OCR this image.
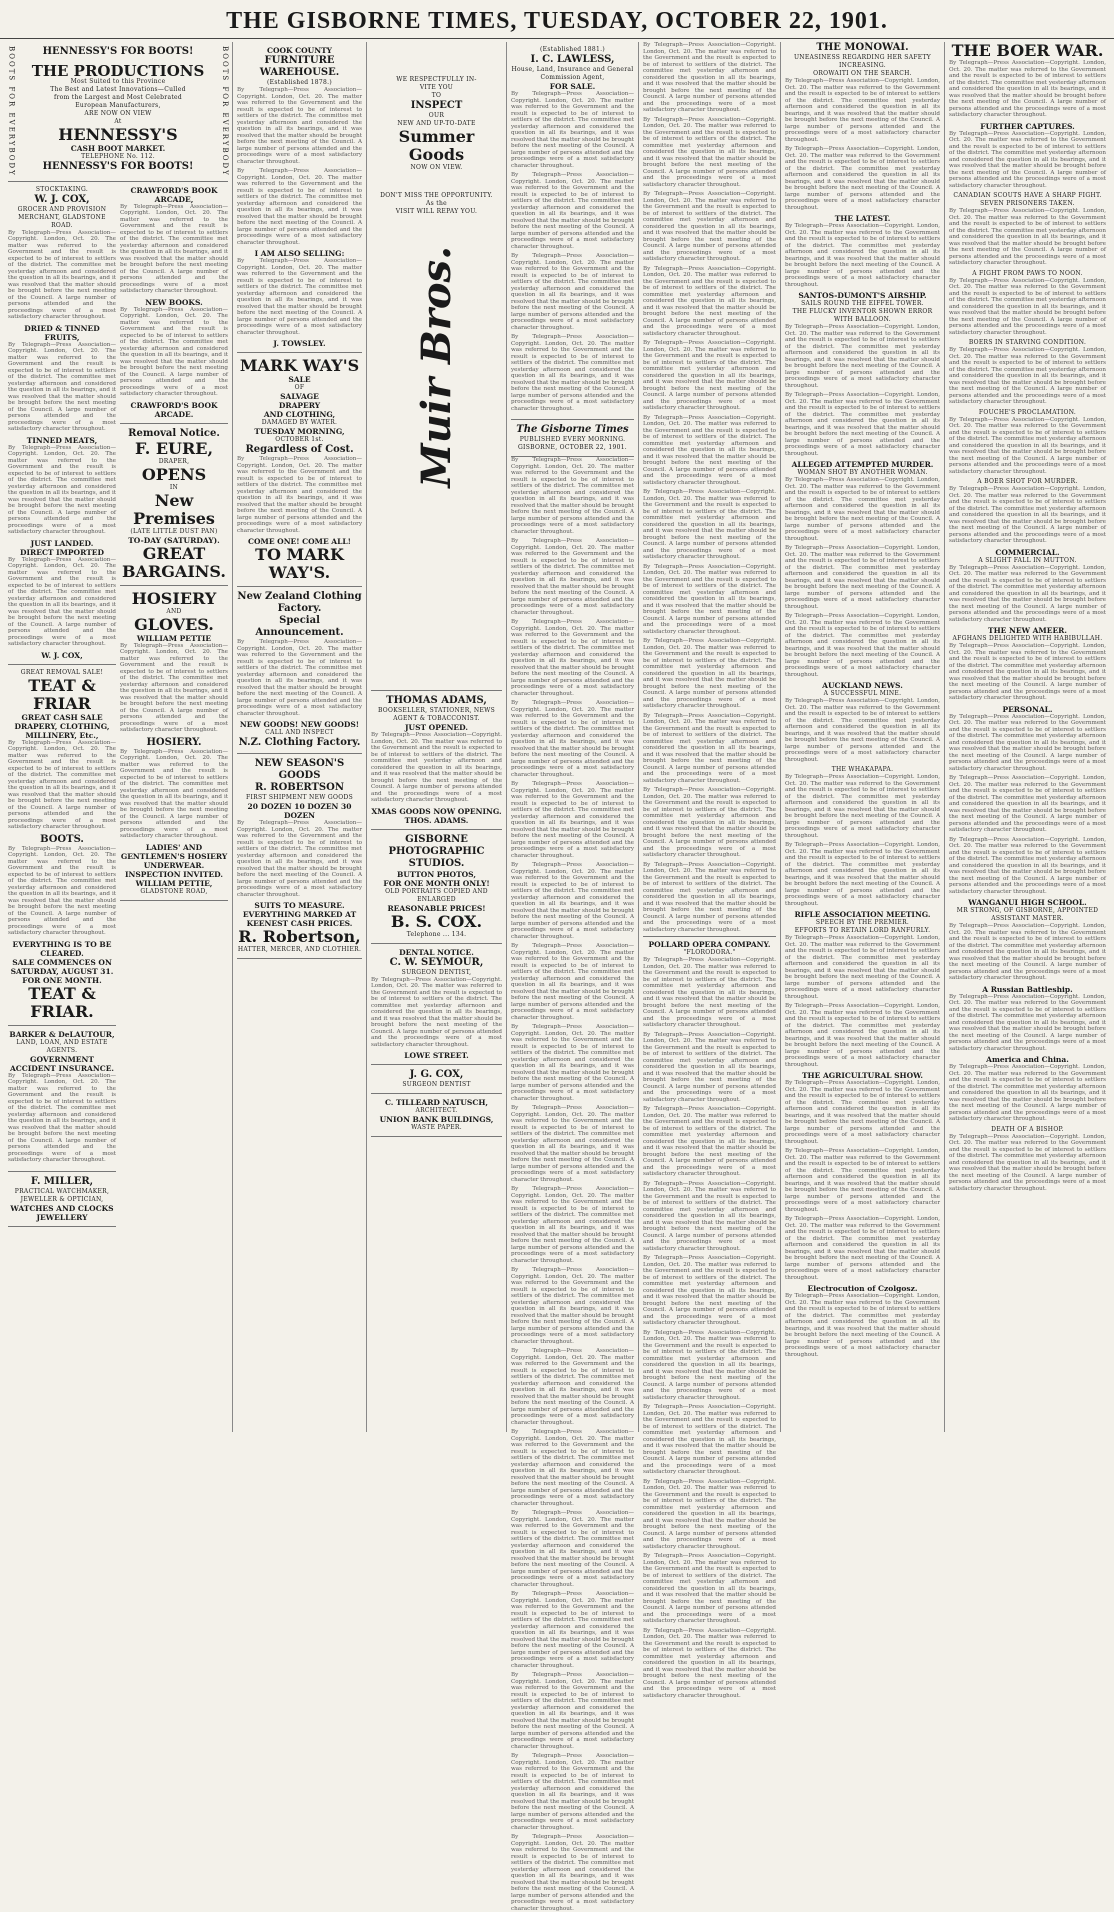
THE GISBORNE TIMES, TUESDAY, OCTOBER 22, 1901.
BOOTS FOR EVERYBODY	HENNESSY'S FOR BOOTS!
THE PRODUCTIONS
Most Suited to this Province
The Best and Latest Innovations—Culled
from the Largest and Most Celebrated
European Manufacturers,
ARE NOW ON VIEW
At
HENNESSY'S
CASH BOOT MARKET.
TELEPHONE No. 112.
HENNESSY'S FOR BOOTS!	BOOTS FOR EVERYBODY
STOCKTAKING.
W. J. COX,
GROCER AND PROVISION MERCHANT, GLADSTONE ROAD.

By Telegraph—Press Association—Copyright. London, Oct. 20. The matter was referred to the Government and the result is expected to be of interest to settlers of the district. The committee met yesterday afternoon and considered the question in all its bearings, and it was resolved that the matter should be brought before the next meeting of the Council. A large number of persons attended and the proceedings were of a most satisfactory character throughout.

DRIED & TINNED FRUITS,

By Telegraph—Press Association—Copyright. London, Oct. 20. The matter was referred to the Government and the result is expected to be of interest to settlers of the district. The committee met yesterday afternoon and considered the question in all its bearings, and it was resolved that the matter should be brought before the next meeting of the Council. A large number of persons attended and the proceedings were of a most satisfactory character throughout.

TINNED MEATS,

By Telegraph—Press Association—Copyright. London, Oct. 20. The matter was referred to the Government and the result is expected to be of interest to settlers of the district. The committee met yesterday afternoon and considered the question in all its bearings, and it was resolved that the matter should be brought before the next meeting of the Council. A large number of persons attended and the proceedings were of a most satisfactory character throughout.

JUST LANDED.
DIRECT IMPORTED

By Telegraph—Press Association—Copyright. London, Oct. 20. The matter was referred to the Government and the result is expected to be of interest to settlers of the district. The committee met yesterday afternoon and considered the question in all its bearings, and it was resolved that the matter should be brought before the next meeting of the Council. A large number of persons attended and the proceedings were of a most satisfactory character throughout.

W. J. COX,
GREAT REMOVAL SALE!
TEAT & FRIAR
GREAT CASH SALE
DRAPERY, CLOTHING, MILLINERY, Etc.,

By Telegraph—Press Association—Copyright. London, Oct. 20. The matter was referred to the Government and the result is expected to be of interest to settlers of the district. The committee met yesterday afternoon and considered the question in all its bearings, and it was resolved that the matter should be brought before the next meeting of the Council. A large number of persons attended and the proceedings were of a most satisfactory character throughout.

BOOTS.

By Telegraph—Press Association—Copyright. London, Oct. 20. The matter was referred to the Government and the result is expected to be of interest to settlers of the district. The committee met yesterday afternoon and considered the question in all its bearings, and it was resolved that the matter should be brought before the next meeting of the Council. A large number of persons attended and the proceedings were of a most satisfactory character throughout.

EVERYTHING IS TO BE CLEARED.
SALE COMMENCES ON SATURDAY, AUGUST 31.
FOR ONE MONTH.
TEAT & FRIAR.
BARKER & DeLAUTOUR,
LAND, LOAN, AND ESTATE AGENTS.
GOVERNMENT ACCIDENT INSURANCE.

By Telegraph—Press Association—Copyright. London, Oct. 20. The matter was referred to the Government and the result is expected to be of interest to settlers of the district. The committee met yesterday afternoon and considered the question in all its bearings, and it was resolved that the matter should be brought before the next meeting of the Council. A large number of persons attended and the proceedings were of a most satisfactory character throughout.

F. MILLER,
PRACTICAL WATCHMAKER, JEWELLER & OPTICIAN,
WATCHES AND CLOCKS
JEWELLERY
CRAWFORD'S BOOK ARCADE,

By Telegraph—Press Association—Copyright. London, Oct. 20. The matter was referred to the Government and the result is expected to be of interest to settlers of the district. The committee met yesterday afternoon and considered the question in all its bearings, and it was resolved that the matter should be brought before the next meeting of the Council. A large number of persons attended and the proceedings were of a most satisfactory character throughout.

NEW BOOKS.

By Telegraph—Press Association—Copyright. London, Oct. 20. The matter was referred to the Government and the result is expected to be of interest to settlers of the district. The committee met yesterday afternoon and considered the question in all its bearings, and it was resolved that the matter should be brought before the next meeting of the Council. A large number of persons attended and the proceedings were of a most satisfactory character throughout.

CRAWFORD'S BOOK ARCADE.
Removal Notice.
F. EURE,
DRAPER,
OPENS
IN
New Premises
(LATE LITTLE DUST PAN)
TO-DAY (SATURDAY).
GREAT
BARGAINS.
HOSIERY
AND
GLOVES.
WILLIAM PETTIE

By Telegraph—Press Association—Copyright. London, Oct. 20. The matter was referred to the Government and the result is expected to be of interest to settlers of the district. The committee met yesterday afternoon and considered the question in all its bearings, and it was resolved that the matter should be brought before the next meeting of the Council. A large number of persons attended and the proceedings were of a most satisfactory character throughout.

HOSIERY.

By Telegraph—Press Association—Copyright. London, Oct. 20. The matter was referred to the Government and the result is expected to be of interest to settlers of the district. The committee met yesterday afternoon and considered the question in all its bearings, and it was resolved that the matter should be brought before the next meeting of the Council. A large number of persons attended and the proceedings were of a most satisfactory character throughout.

LADIES' AND GENTLEMEN'S HOSIERY UNDERWEAR.
INSPECTION INVITED.
WILLIAM PETTIE,
GLADSTONE ROAD,
COOK COUNTY
FURNITURE
WAREHOUSE.
(Established 1878.)

By Telegraph—Press Association—Copyright. London, Oct. 20. The matter was referred to the Government and the result is expected to be of interest to settlers of the district. The committee met yesterday afternoon and considered the question in all its bearings, and it was resolved that the matter should be brought before the next meeting of the Council. A large number of persons attended and the proceedings were of a most satisfactory character throughout.

By Telegraph—Press Association—Copyright. London, Oct. 20. The matter was referred to the Government and the result is expected to be of interest to settlers of the district. The committee met yesterday afternoon and considered the question in all its bearings, and it was resolved that the matter should be brought before the next meeting of the Council. A large number of persons attended and the proceedings were of a most satisfactory character throughout.

I AM ALSO SELLING:

By Telegraph—Press Association—Copyright. London, Oct. 20. The matter was referred to the Government and the result is expected to be of interest to settlers of the district. The committee met yesterday afternoon and considered the question in all its bearings, and it was resolved that the matter should be brought before the next meeting of the Council. A large number of persons attended and the proceedings were of a most satisfactory character throughout.

J. TOWSLEY.
MARK WAY'S
SALE
OF
SALVAGE
DRAPERY
AND CLOTHING,
DAMAGED BY WATER.
TUESDAY MORNING,
OCTOBER 1st.
Regardless of Cost.

By Telegraph—Press Association—Copyright. London, Oct. 20. The matter was referred to the Government and the result is expected to be of interest to settlers of the district. The committee met yesterday afternoon and considered the question in all its bearings, and it was resolved that the matter should be brought before the next meeting of the Council. A large number of persons attended and the proceedings were of a most satisfactory character throughout.

COME ONE! COME ALL!
TO MARK WAY'S.
New Zealand Clothing Factory.
Special Announcement.

By Telegraph—Press Association—Copyright. London, Oct. 20. The matter was referred to the Government and the result is expected to be of interest to settlers of the district. The committee met yesterday afternoon and considered the question in all its bearings, and it was resolved that the matter should be brought before the next meeting of the Council. A large number of persons attended and the proceedings were of a most satisfactory character throughout.

NEW GOODS! NEW GOODS!
CALL AND INSPECT
N.Z. Clothing Factory.
NEW SEASON'S GOODS
R. ROBERTSON
FIRST SHIPMENT NEW GOODS
20 DOZEN 10 DOZEN 30 DOZEN

By Telegraph—Press Association—Copyright. London, Oct. 20. The matter was referred to the Government and the result is expected to be of interest to settlers of the district. The committee met yesterday afternoon and considered the question in all its bearings, and it was resolved that the matter should be brought before the next meeting of the Council. A large number of persons attended and the proceedings were of a most satisfactory character throughout.

SUITS TO MEASURE.
EVERYTHING MARKED AT KEENEST CASH PRICES.
R. Robertson,
HATTER, MERCER, AND CLOTHIER.
WE RESPECTFULLY IN-
VITE YOU
TO
INSPECT
OUR
NEW AND UP-TO-DATE
Summer Goods
NOW ON VIEW.
DON'T MISS THE OPPORTUNITY.
As the
VISIT WILL REPAY YOU.
Muir Bros.
THOMAS ADAMS,
BOOKSELLER, STATIONER, NEWS AGENT & TOBACCONIST.
JUST OPENED.

By Telegraph—Press Association—Copyright. London, Oct. 20. The matter was referred to the Government and the result is expected to be of interest to settlers of the district. The committee met yesterday afternoon and considered the question in all its bearings, and it was resolved that the matter should be brought before the next meeting of the Council. A large number of persons attended and the proceedings were of a most satisfactory character throughout.

XMAS GOODS NOW OPENING.
THOS. ADAMS.
GISBORNE PHOTOGRAPHIC STUDIOS.
BUTTON PHOTOS,
FOR ONE MONTH ONLY!
OLD PORTRAITS COPIED AND ENLARGED
REASONABLE PRICES!
B. S. COX.
Telephone ... 134.
DENTAL NOTICE.
C. W. SEYMOUR,
SURGEON DENTIST,

By Telegraph—Press Association—Copyright. London, Oct. 20. The matter was referred to the Government and the result is expected to be of interest to settlers of the district. The committee met yesterday afternoon and considered the question in all its bearings, and it was resolved that the matter should be brought before the next meeting of the Council. A large number of persons attended and the proceedings were of a most satisfactory character throughout.

LOWE STREET.
J. G. COX,
SURGEON DENTIST
C. TILLEARD NATUSCH,
ARCHITECT.
UNION BANK BUILDINGS,
WASTE PAPER.
(Established 1881.)
I. C. LAWLESS,
House, Land, Insurance and General Commission Agent,
FOR SALE.

By Telegraph—Press Association—Copyright. London, Oct. 20. The matter was referred to the Government and the result is expected to be of interest to settlers of the district. The committee met yesterday afternoon and considered the question in all its bearings, and it was resolved that the matter should be brought before the next meeting of the Council. A large number of persons attended and the proceedings were of a most satisfactory character throughout.

By Telegraph—Press Association—Copyright. London, Oct. 20. The matter was referred to the Government and the result is expected to be of interest to settlers of the district. The committee met yesterday afternoon and considered the question in all its bearings, and it was resolved that the matter should be brought before the next meeting of the Council. A large number of persons attended and the proceedings were of a most satisfactory character throughout.

By Telegraph—Press Association—Copyright. London, Oct. 20. The matter was referred to the Government and the result is expected to be of interest to settlers of the district. The committee met yesterday afternoon and considered the question in all its bearings, and it was resolved that the matter should be brought before the next meeting of the Council. A large number of persons attended and the proceedings were of a most satisfactory character throughout.

By Telegraph—Press Association—Copyright. London, Oct. 20. The matter was referred to the Government and the result is expected to be of interest to settlers of the district. The committee met yesterday afternoon and considered the question in all its bearings, and it was resolved that the matter should be brought before the next meeting of the Council. A large number of persons attended and the proceedings were of a most satisfactory character throughout.

The Gisborne Times
PUBLISHED EVERY MORNING.
GISBORNE, OCTOBER 22, 1901.

By Telegraph—Press Association—Copyright. London, Oct. 20. The matter was referred to the Government and the result is expected to be of interest to settlers of the district. The committee met yesterday afternoon and considered the question in all its bearings, and it was resolved that the matter should be brought before the next meeting of the Council. A large number of persons attended and the proceedings were of a most satisfactory character throughout.

By Telegraph—Press Association—Copyright. London, Oct. 20. The matter was referred to the Government and the result is expected to be of interest to settlers of the district. The committee met yesterday afternoon and considered the question in all its bearings, and it was resolved that the matter should be brought before the next meeting of the Council. A large number of persons attended and the proceedings were of a most satisfactory character throughout.

By Telegraph—Press Association—Copyright. London, Oct. 20. The matter was referred to the Government and the result is expected to be of interest to settlers of the district. The committee met yesterday afternoon and considered the question in all its bearings, and it was resolved that the matter should be brought before the next meeting of the Council. A large number of persons attended and the proceedings were of a most satisfactory character throughout.

By Telegraph—Press Association—Copyright. London, Oct. 20. The matter was referred to the Government and the result is expected to be of interest to settlers of the district. The committee met yesterday afternoon and considered the question in all its bearings, and it was resolved that the matter should be brought before the next meeting of the Council. A large number of persons attended and the proceedings were of a most satisfactory character throughout.

By Telegraph—Press Association—Copyright. London, Oct. 20. The matter was referred to the Government and the result is expected to be of interest to settlers of the district. The committee met yesterday afternoon and considered the question in all its bearings, and it was resolved that the matter should be brought before the next meeting of the Council. A large number of persons attended and the proceedings were of a most satisfactory character throughout.

By Telegraph—Press Association—Copyright. London, Oct. 20. The matter was referred to the Government and the result is expected to be of interest to settlers of the district. The committee met yesterday afternoon and considered the question in all its bearings, and it was resolved that the matter should be brought before the next meeting of the Council. A large number of persons attended and the proceedings were of a most satisfactory character throughout.

By Telegraph—Press Association—Copyright. London, Oct. 20. The matter was referred to the Government and the result is expected to be of interest to settlers of the district. The committee met yesterday afternoon and considered the question in all its bearings, and it was resolved that the matter should be brought before the next meeting of the Council. A large number of persons attended and the proceedings were of a most satisfactory character throughout.

By Telegraph—Press Association—Copyright. London, Oct. 20. The matter was referred to the Government and the result is expected to be of interest to settlers of the district. The committee met yesterday afternoon and considered the question in all its bearings, and it was resolved that the matter should be brought before the next meeting of the Council. A large number of persons attended and the proceedings were of a most satisfactory character throughout.

By Telegraph—Press Association—Copyright. London, Oct. 20. The matter was referred to the Government and the result is expected to be of interest to settlers of the district. The committee met yesterday afternoon and considered the question in all its bearings, and it was resolved that the matter should be brought before the next meeting of the Council. A large number of persons attended and the proceedings were of a most satisfactory character throughout.

By Telegraph—Press Association—Copyright. London, Oct. 20. The matter was referred to the Government and the result is expected to be of interest to settlers of the district. The committee met yesterday afternoon and considered the question in all its bearings, and it was resolved that the matter should be brought before the next meeting of the Council. A large number of persons attended and the proceedings were of a most satisfactory character throughout.

By Telegraph—Press Association—Copyright. London, Oct. 20. The matter was referred to the Government and the result is expected to be of interest to settlers of the district. The committee met yesterday afternoon and considered the question in all its bearings, and it was resolved that the matter should be brought before the next meeting of the Council. A large number of persons attended and the proceedings were of a most satisfactory character throughout.

By Telegraph—Press Association—Copyright. London, Oct. 20. The matter was referred to the Government and the result is expected to be of interest to settlers of the district. The committee met yesterday afternoon and considered the question in all its bearings, and it was resolved that the matter should be brought before the next meeting of the Council. A large number of persons attended and the proceedings were of a most satisfactory character throughout.

By Telegraph—Press Association—Copyright. London, Oct. 20. The matter was referred to the Government and the result is expected to be of interest to settlers of the district. The committee met yesterday afternoon and considered the question in all its bearings, and it was resolved that the matter should be brought before the next meeting of the Council. A large number of persons attended and the proceedings were of a most satisfactory character throughout.

By Telegraph—Press Association—Copyright. London, Oct. 20. The matter was referred to the Government and the result is expected to be of interest to settlers of the district. The committee met yesterday afternoon and considered the question in all its bearings, and it was resolved that the matter should be brought before the next meeting of the Council. A large number of persons attended and the proceedings were of a most satisfactory character throughout.

By Telegraph—Press Association—Copyright. London, Oct. 20. The matter was referred to the Government and the result is expected to be of interest to settlers of the district. The committee met yesterday afternoon and considered the question in all its bearings, and it was resolved that the matter should be brought before the next meeting of the Council. A large number of persons attended and the proceedings were of a most satisfactory character throughout.

By Telegraph—Press Association—Copyright. London, Oct. 20. The matter was referred to the Government and the result is expected to be of interest to settlers of the district. The committee met yesterday afternoon and considered the question in all its bearings, and it was resolved that the matter should be brought before the next meeting of the Council. A large number of persons attended and the proceedings were of a most satisfactory character throughout.

By Telegraph—Press Association—Copyright. London, Oct. 20. The matter was referred to the Government and the result is expected to be of interest to settlers of the district. The committee met yesterday afternoon and considered the question in all its bearings, and it was resolved that the matter should be brought before the next meeting of the Council. A large number of persons attended and the proceedings were of a most satisfactory character throughout.

By Telegraph—Press Association—Copyright. London, Oct. 20. The matter was referred to the Government and the result is expected to be of interest to settlers of the district. The committee met yesterday afternoon and considered the question in all its bearings, and it was resolved that the matter should be brought before the next meeting of the Council. A large number of persons attended and the proceedings were of a most satisfactory character throughout.

By Telegraph—Press Association—Copyright. London, Oct. 20. The matter was referred to the Government and the result is expected to be of interest to settlers of the district. The committee met yesterday afternoon and considered the question in all its bearings, and it was resolved that the matter should be brought before the next meeting of the Council. A large number of persons attended and the proceedings were of a most satisfactory character throughout.

By Telegraph—Press Association—Copyright. London, Oct. 20. The matter was referred to the Government and the result is expected to be of interest to settlers of the district. The committee met yesterday afternoon and considered the question in all its bearings, and it was resolved that the matter should be brought before the next meeting of the Council. A large number of persons attended and the proceedings were of a most satisfactory character throughout.

By Telegraph—Press Association—Copyright. London, Oct. 20. The matter was referred to the Government and the result is expected to be of interest to settlers of the district. The committee met yesterday afternoon and considered the question in all its bearings, and it was resolved that the matter should be brought before the next meeting of the Council. A large number of persons attended and the proceedings were of a most satisfactory character throughout.

By Telegraph—Press Association—Copyright. London, Oct. 20. The matter was referred to the Government and the result is expected to be of interest to settlers of the district. The committee met yesterday afternoon and considered the question in all its bearings, and it was resolved that the matter should be brought before the next meeting of the Council. A large number of persons attended and the proceedings were of a most satisfactory character throughout.

By Telegraph—Press Association—Copyright. London, Oct. 20. The matter was referred to the Government and the result is expected to be of interest to settlers of the district. The committee met yesterday afternoon and considered the question in all its bearings, and it was resolved that the matter should be brought before the next meeting of the Council. A large number of persons attended and the proceedings were of a most satisfactory character throughout.

By Telegraph—Press Association—Copyright. London, Oct. 20. The matter was referred to the Government and the result is expected to be of interest to settlers of the district. The committee met yesterday afternoon and considered the question in all its bearings, and it was resolved that the matter should be brought before the next meeting of the Council. A large number of persons attended and the proceedings were of a most satisfactory character throughout.

By Telegraph—Press Association—Copyright. London, Oct. 20. The matter was referred to the Government and the result is expected to be of interest to settlers of the district. The committee met yesterday afternoon and considered the question in all its bearings, and it was resolved that the matter should be brought before the next meeting of the Council. A large number of persons attended and the proceedings were of a most satisfactory character throughout.

By Telegraph—Press Association—Copyright. London, Oct. 20. The matter was referred to the Government and the result is expected to be of interest to settlers of the district. The committee met yesterday afternoon and considered the question in all its bearings, and it was resolved that the matter should be brought before the next meeting of the Council. A large number of persons attended and the proceedings were of a most satisfactory character throughout.

By Telegraph—Press Association—Copyright. London, Oct. 20. The matter was referred to the Government and the result is expected to be of interest to settlers of the district. The committee met yesterday afternoon and considered the question in all its bearings, and it was resolved that the matter should be brought before the next meeting of the Council. A large number of persons attended and the proceedings were of a most satisfactory character throughout.

By Telegraph—Press Association—Copyright. London, Oct. 20. The matter was referred to the Government and the result is expected to be of interest to settlers of the district. The committee met yesterday afternoon and considered the question in all its bearings, and it was resolved that the matter should be brought before the next meeting of the Council. A large number of persons attended and the proceedings were of a most satisfactory character throughout.

By Telegraph—Press Association—Copyright. London, Oct. 20. The matter was referred to the Government and the result is expected to be of interest to settlers of the district. The committee met yesterday afternoon and considered the question in all its bearings, and it was resolved that the matter should be brought before the next meeting of the Council. A large number of persons attended and the proceedings were of a most satisfactory character throughout.

By Telegraph—Press Association—Copyright. London, Oct. 20. The matter was referred to the Government and the result is expected to be of interest to settlers of the district. The committee met yesterday afternoon and considered the question in all its bearings, and it was resolved that the matter should be brought before the next meeting of the Council. A large number of persons attended and the proceedings were of a most satisfactory character throughout.

POLLARD OPERA COMPANY.
"FLORODORA."

By Telegraph—Press Association—Copyright. London, Oct. 20. The matter was referred to the Government and the result is expected to be of interest to settlers of the district. The committee met yesterday afternoon and considered the question in all its bearings, and it was resolved that the matter should be brought before the next meeting of the Council. A large number of persons attended and the proceedings were of a most satisfactory character throughout.

By Telegraph—Press Association—Copyright. London, Oct. 20. The matter was referred to the Government and the result is expected to be of interest to settlers of the district. The committee met yesterday afternoon and considered the question in all its bearings, and it was resolved that the matter should be brought before the next meeting of the Council. A large number of persons attended and the proceedings were of a most satisfactory character throughout.

By Telegraph—Press Association—Copyright. London, Oct. 20. The matter was referred to the Government and the result is expected to be of interest to settlers of the district. The committee met yesterday afternoon and considered the question in all its bearings, and it was resolved that the matter should be brought before the next meeting of the Council. A large number of persons attended and the proceedings were of a most satisfactory character throughout.

By Telegraph—Press Association—Copyright. London, Oct. 20. The matter was referred to the Government and the result is expected to be of interest to settlers of the district. The committee met yesterday afternoon and considered the question in all its bearings, and it was resolved that the matter should be brought before the next meeting of the Council. A large number of persons attended and the proceedings were of a most satisfactory character throughout.

By Telegraph—Press Association—Copyright. London, Oct. 20. The matter was referred to the Government and the result is expected to be of interest to settlers of the district. The committee met yesterday afternoon and considered the question in all its bearings, and it was resolved that the matter should be brought before the next meeting of the Council. A large number of persons attended and the proceedings were of a most satisfactory character throughout.

By Telegraph—Press Association—Copyright. London, Oct. 20. The matter was referred to the Government and the result is expected to be of interest to settlers of the district. The committee met yesterday afternoon and considered the question in all its bearings, and it was resolved that the matter should be brought before the next meeting of the Council. A large number of persons attended and the proceedings were of a most satisfactory character throughout.

By Telegraph—Press Association—Copyright. London, Oct. 20. The matter was referred to the Government and the result is expected to be of interest to settlers of the district. The committee met yesterday afternoon and considered the question in all its bearings, and it was resolved that the matter should be brought before the next meeting of the Council. A large number of persons attended and the proceedings were of a most satisfactory character throughout.

By Telegraph—Press Association—Copyright. London, Oct. 20. The matter was referred to the Government and the result is expected to be of interest to settlers of the district. The committee met yesterday afternoon and considered the question in all its bearings, and it was resolved that the matter should be brought before the next meeting of the Council. A large number of persons attended and the proceedings were of a most satisfactory character throughout.

By Telegraph—Press Association—Copyright. London, Oct. 20. The matter was referred to the Government and the result is expected to be of interest to settlers of the district. The committee met yesterday afternoon and considered the question in all its bearings, and it was resolved that the matter should be brought before the next meeting of the Council. A large number of persons attended and the proceedings were of a most satisfactory character throughout.

By Telegraph—Press Association—Copyright. London, Oct. 20. The matter was referred to the Government and the result is expected to be of interest to settlers of the district. The committee met yesterday afternoon and considered the question in all its bearings, and it was resolved that the matter should be brought before the next meeting of the Council. A large number of persons attended and the proceedings were of a most satisfactory character throughout.

THE MONOWAI.
UNEASINESS REGARDING HER SAFETY INCREASING.
OROWAITI ON THE SEARCH.

By Telegraph—Press Association—Copyright. London, Oct. 20. The matter was referred to the Government and the result is expected to be of interest to settlers of the district. The committee met yesterday afternoon and considered the question in all its bearings, and it was resolved that the matter should be brought before the next meeting of the Council. A large number of persons attended and the proceedings were of a most satisfactory character throughout.

By Telegraph—Press Association—Copyright. London, Oct. 20. The matter was referred to the Government and the result is expected to be of interest to settlers of the district. The committee met yesterday afternoon and considered the question in all its bearings, and it was resolved that the matter should be brought before the next meeting of the Council. A large number of persons attended and the proceedings were of a most satisfactory character throughout.

THE LATEST.

By Telegraph—Press Association—Copyright. London, Oct. 20. The matter was referred to the Government and the result is expected to be of interest to settlers of the district. The committee met yesterday afternoon and considered the question in all its bearings, and it was resolved that the matter should be brought before the next meeting of the Council. A large number of persons attended and the proceedings were of a most satisfactory character throughout.

SANTOS-DUMONT'S AIRSHIP.
SAILS ROUND THE EIFFEL TOWER.
THE FLUCKY INVENTOR SHOWN ERROR WITH BALLOON.

By Telegraph—Press Association—Copyright. London, Oct. 20. The matter was referred to the Government and the result is expected to be of interest to settlers of the district. The committee met yesterday afternoon and considered the question in all its bearings, and it was resolved that the matter should be brought before the next meeting of the Council. A large number of persons attended and the proceedings were of a most satisfactory character throughout.

By Telegraph—Press Association—Copyright. London, Oct. 20. The matter was referred to the Government and the result is expected to be of interest to settlers of the district. The committee met yesterday afternoon and considered the question in all its bearings, and it was resolved that the matter should be brought before the next meeting of the Council. A large number of persons attended and the proceedings were of a most satisfactory character throughout.

ALLEGED ATTEMPTED MURDER.
WOMAN SHOT BY ANOTHER WOMAN.

By Telegraph—Press Association—Copyright. London, Oct. 20. The matter was referred to the Government and the result is expected to be of interest to settlers of the district. The committee met yesterday afternoon and considered the question in all its bearings, and it was resolved that the matter should be brought before the next meeting of the Council. A large number of persons attended and the proceedings were of a most satisfactory character throughout.

By Telegraph—Press Association—Copyright. London, Oct. 20. The matter was referred to the Government and the result is expected to be of interest to settlers of the district. The committee met yesterday afternoon and considered the question in all its bearings, and it was resolved that the matter should be brought before the next meeting of the Council. A large number of persons attended and the proceedings were of a most satisfactory character throughout.

By Telegraph—Press Association—Copyright. London, Oct. 20. The matter was referred to the Government and the result is expected to be of interest to settlers of the district. The committee met yesterday afternoon and considered the question in all its bearings, and it was resolved that the matter should be brought before the next meeting of the Council. A large number of persons attended and the proceedings were of a most satisfactory character throughout.

AUCKLAND NEWS.
A SUCCESSFUL MINE.

By Telegraph—Press Association—Copyright. London, Oct. 20. The matter was referred to the Government and the result is expected to be of interest to settlers of the district. The committee met yesterday afternoon and considered the question in all its bearings, and it was resolved that the matter should be brought before the next meeting of the Council. A large number of persons attended and the proceedings were of a most satisfactory character throughout.

THE WHAKAPAPA.

By Telegraph—Press Association—Copyright. London, Oct. 20. The matter was referred to the Government and the result is expected to be of interest to settlers of the district. The committee met yesterday afternoon and considered the question in all its bearings, and it was resolved that the matter should be brought before the next meeting of the Council. A large number of persons attended and the proceedings were of a most satisfactory character throughout.

By Telegraph—Press Association—Copyright. London, Oct. 20. The matter was referred to the Government and the result is expected to be of interest to settlers of the district. The committee met yesterday afternoon and considered the question in all its bearings, and it was resolved that the matter should be brought before the next meeting of the Council. A large number of persons attended and the proceedings were of a most satisfactory character throughout.

RIFLE ASSOCIATION MEETING.
SPEECH BY THE PREMIER.
EFFORTS TO RETAIN LORD RANFURLY.

By Telegraph—Press Association—Copyright. London, Oct. 20. The matter was referred to the Government and the result is expected to be of interest to settlers of the district. The committee met yesterday afternoon and considered the question in all its bearings, and it was resolved that the matter should be brought before the next meeting of the Council. A large number of persons attended and the proceedings were of a most satisfactory character throughout.

By Telegraph—Press Association—Copyright. London, Oct. 20. The matter was referred to the Government and the result is expected to be of interest to settlers of the district. The committee met yesterday afternoon and considered the question in all its bearings, and it was resolved that the matter should be brought before the next meeting of the Council. A large number of persons attended and the proceedings were of a most satisfactory character throughout.

THE AGRICULTURAL SHOW.

By Telegraph—Press Association—Copyright. London, Oct. 20. The matter was referred to the Government and the result is expected to be of interest to settlers of the district. The committee met yesterday afternoon and considered the question in all its bearings, and it was resolved that the matter should be brought before the next meeting of the Council. A large number of persons attended and the proceedings were of a most satisfactory character throughout.

By Telegraph—Press Association—Copyright. London, Oct. 20. The matter was referred to the Government and the result is expected to be of interest to settlers of the district. The committee met yesterday afternoon and considered the question in all its bearings, and it was resolved that the matter should be brought before the next meeting of the Council. A large number of persons attended and the proceedings were of a most satisfactory character throughout.

By Telegraph—Press Association—Copyright. London, Oct. 20. The matter was referred to the Government and the result is expected to be of interest to settlers of the district. The committee met yesterday afternoon and considered the question in all its bearings, and it was resolved that the matter should be brought before the next meeting of the Council. A large number of persons attended and the proceedings were of a most satisfactory character throughout.

Electrocution of Czolgosz.

By Telegraph—Press Association—Copyright. London, Oct. 20. The matter was referred to the Government and the result is expected to be of interest to settlers of the district. The committee met yesterday afternoon and considered the question in all its bearings, and it was resolved that the matter should be brought before the next meeting of the Council. A large number of persons attended and the proceedings were of a most satisfactory character throughout.

THE BOER WAR.

By Telegraph—Press Association—Copyright. London, Oct. 20. The matter was referred to the Government and the result is expected to be of interest to settlers of the district. The committee met yesterday afternoon and considered the question in all its bearings, and it was resolved that the matter should be brought before the next meeting of the Council. A large number of persons attended and the proceedings were of a most satisfactory character throughout.

FURTHER CAPTURES.

By Telegraph—Press Association—Copyright. London, Oct. 20. The matter was referred to the Government and the result is expected to be of interest to settlers of the district. The committee met yesterday afternoon and considered the question in all its bearings, and it was resolved that the matter should be brought before the next meeting of the Council. A large number of persons attended and the proceedings were of a most satisfactory character throughout.

CANADIAN SCOUTS HAVE A SHARP FIGHT.
SEVEN PRISONERS TAKEN.

By Telegraph—Press Association—Copyright. London, Oct. 20. The matter was referred to the Government and the result is expected to be of interest to settlers of the district. The committee met yesterday afternoon and considered the question in all its bearings, and it was resolved that the matter should be brought before the next meeting of the Council. A large number of persons attended and the proceedings were of a most satisfactory character throughout.

A FIGHT FROM PAWS TO NOON.

By Telegraph—Press Association—Copyright. London, Oct. 20. The matter was referred to the Government and the result is expected to be of interest to settlers of the district. The committee met yesterday afternoon and considered the question in all its bearings, and it was resolved that the matter should be brought before the next meeting of the Council. A large number of persons attended and the proceedings were of a most satisfactory character throughout.

BOERS IN STARVING CONDITION.

By Telegraph—Press Association—Copyright. London, Oct. 20. The matter was referred to the Government and the result is expected to be of interest to settlers of the district. The committee met yesterday afternoon and considered the question in all its bearings, and it was resolved that the matter should be brought before the next meeting of the Council. A large number of persons attended and the proceedings were of a most satisfactory character throughout.

FOUCHE'S PROCLAMATION.

By Telegraph—Press Association—Copyright. London, Oct. 20. The matter was referred to the Government and the result is expected to be of interest to settlers of the district. The committee met yesterday afternoon and considered the question in all its bearings, and it was resolved that the matter should be brought before the next meeting of the Council. A large number of persons attended and the proceedings were of a most satisfactory character throughout.

A BOER SHOT FOR MURDER.

By Telegraph—Press Association—Copyright. London, Oct. 20. The matter was referred to the Government and the result is expected to be of interest to settlers of the district. The committee met yesterday afternoon and considered the question in all its bearings, and it was resolved that the matter should be brought before the next meeting of the Council. A large number of persons attended and the proceedings were of a most satisfactory character throughout.

COMMERCIAL.
A SLIGHT FALL IN MUTTON.

By Telegraph—Press Association—Copyright. London, Oct. 20. The matter was referred to the Government and the result is expected to be of interest to settlers of the district. The committee met yesterday afternoon and considered the question in all its bearings, and it was resolved that the matter should be brought before the next meeting of the Council. A large number of persons attended and the proceedings were of a most satisfactory character throughout.

THE NEW AMEER.
AFGHANS DELIGHTED WITH HABIBULLAH.

By Telegraph—Press Association—Copyright. London, Oct. 20. The matter was referred to the Government and the result is expected to be of interest to settlers of the district. The committee met yesterday afternoon and considered the question in all its bearings, and it was resolved that the matter should be brought before the next meeting of the Council. A large number of persons attended and the proceedings were of a most satisfactory character throughout.

PERSONAL.

By Telegraph—Press Association—Copyright. London, Oct. 20. The matter was referred to the Government and the result is expected to be of interest to settlers of the district. The committee met yesterday afternoon and considered the question in all its bearings, and it was resolved that the matter should be brought before the next meeting of the Council. A large number of persons attended and the proceedings were of a most satisfactory character throughout.

By Telegraph—Press Association—Copyright. London, Oct. 20. The matter was referred to the Government and the result is expected to be of interest to settlers of the district. The committee met yesterday afternoon and considered the question in all its bearings, and it was resolved that the matter should be brought before the next meeting of the Council. A large number of persons attended and the proceedings were of a most satisfactory character throughout.

By Telegraph—Press Association—Copyright. London, Oct. 20. The matter was referred to the Government and the result is expected to be of interest to settlers of the district. The committee met yesterday afternoon and considered the question in all its bearings, and it was resolved that the matter should be brought before the next meeting of the Council. A large number of persons attended and the proceedings were of a most satisfactory character throughout.

WANGANUI HIGH SCHOOL.
MR STRONG, OF GISBORNE, APPOINTED ASSISTANT MASTER.

By Telegraph—Press Association—Copyright. London, Oct. 20. The matter was referred to the Government and the result is expected to be of interest to settlers of the district. The committee met yesterday afternoon and considered the question in all its bearings, and it was resolved that the matter should be brought before the next meeting of the Council. A large number of persons attended and the proceedings were of a most satisfactory character throughout.

A Russian Battleship.

By Telegraph—Press Association—Copyright. London, Oct. 20. The matter was referred to the Government and the result is expected to be of interest to settlers of the district. The committee met yesterday afternoon and considered the question in all its bearings, and it was resolved that the matter should be brought before the next meeting of the Council. A large number of persons attended and the proceedings were of a most satisfactory character throughout.

America and China.

By Telegraph—Press Association—Copyright. London, Oct. 20. The matter was referred to the Government and the result is expected to be of interest to settlers of the district. The committee met yesterday afternoon and considered the question in all its bearings, and it was resolved that the matter should be brought before the next meeting of the Council. A large number of persons attended and the proceedings were of a most satisfactory character throughout.

DEATH OF A BISHOP.

By Telegraph—Press Association—Copyright. London, Oct. 20. The matter was referred to the Government and the result is expected to be of interest to settlers of the district. The committee met yesterday afternoon and considered the question in all its bearings, and it was resolved that the matter should be brought before the next meeting of the Council. A large number of persons attended and the proceedings were of a most satisfactory character throughout.
